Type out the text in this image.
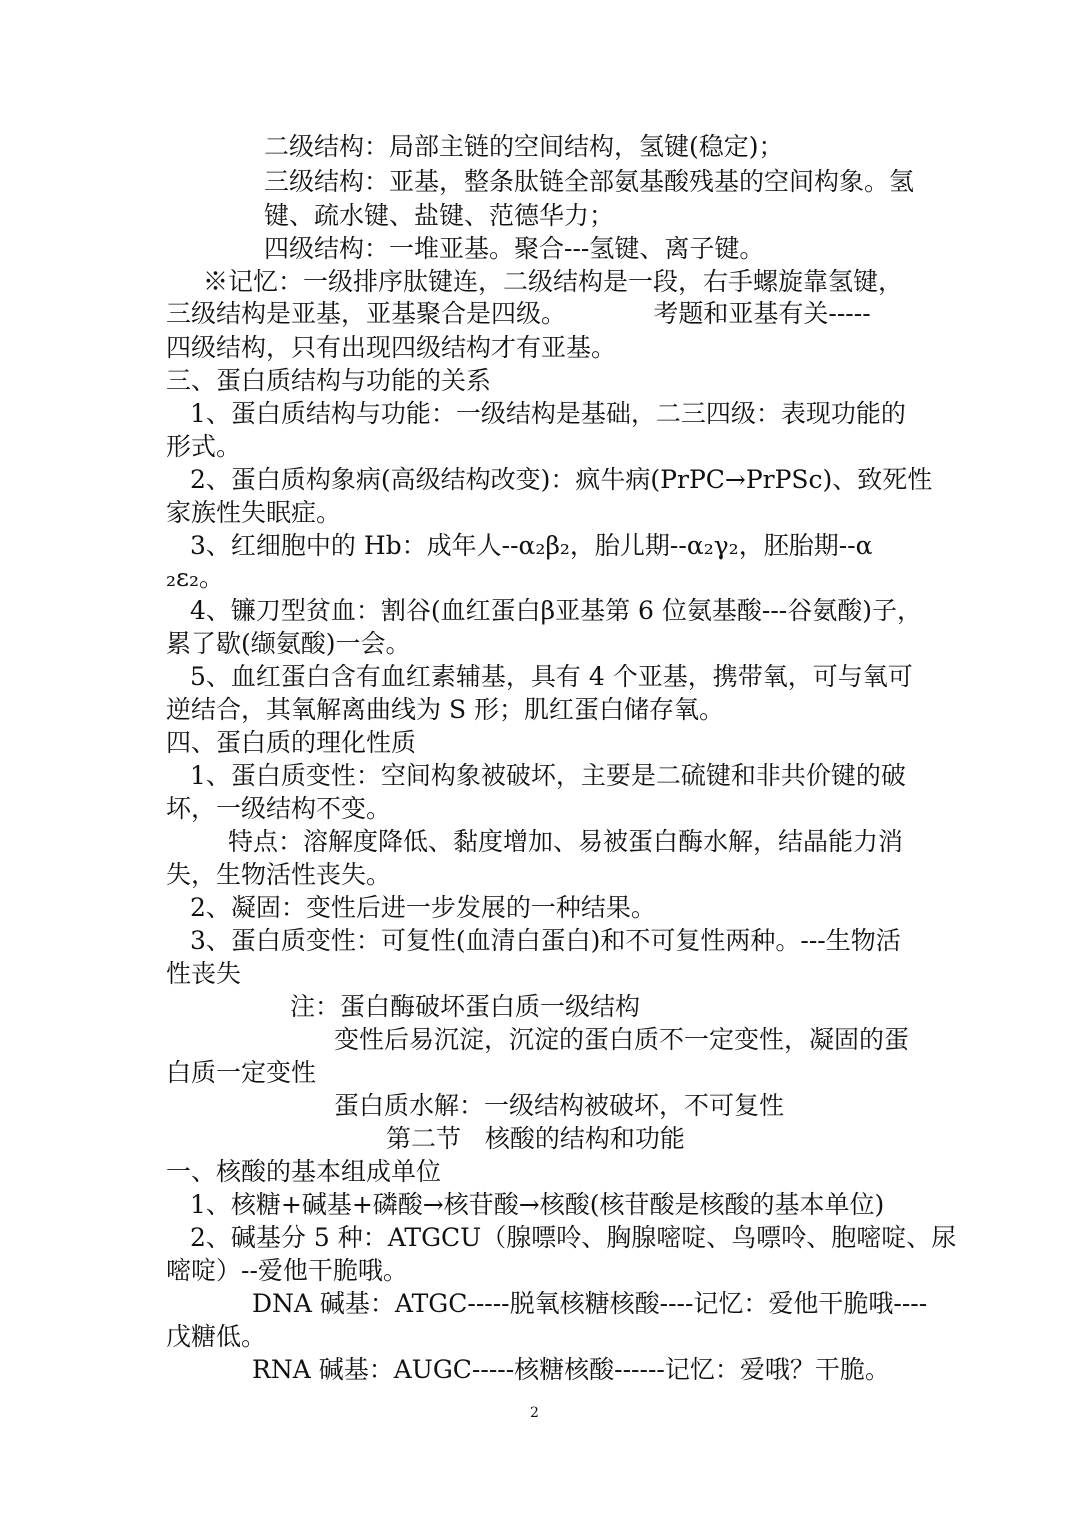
二级结构：局部主链的空间结构，氢键(稳定)；
三级结构：亚基，整条肽链全部氨基酸残基的空间构象。氢
键、疏水键、盐键、范德华力；
四级结构：一堆亚基。聚合---氢键、离子键。
※记忆：一级排序肽键连，二级结构是一段，右手螺旋靠氢键，
三级结构是亚基，亚基聚合是四级。           考题和亚基有关-----
四级结构，只有出现四级结构才有亚基。
三、蛋白质结构与功能的关系
1、蛋白质结构与功能：一级结构是基础，二三四级：表现功能的
形式。
2、蛋白质构象病(高级结构改变)：疯牛病(PrPC→PrPSc)、致死性
家族性失眠症。
3、红细胞中的 Hb：成年人--α₂β₂，胎儿期--α₂γ₂，胚胎期--α
₂ε₂。
4、镰刀型贫血：割谷(血红蛋白β亚基第 6 位氨基酸---谷氨酸)子，
累了歇(缬氨酸)一会。
5、血红蛋白含有血红素辅基，具有 4 个亚基，携带氧，可与氧可
逆结合，其氧解离曲线为 S 形；肌红蛋白储存氧。
四、蛋白质的理化性质
1、蛋白质变性：空间构象被破坏，主要是二硫键和非共价键的破
坏，一级结构不变。
特点：溶解度降低、黏度增加、易被蛋白酶水解，结晶能力消
失，生物活性丧失。
2、凝固：变性后进一步发展的一种结果。
3、蛋白质变性：可复性(血清白蛋白)和不可复性两种。---生物活
性丧失
注：蛋白酶破坏蛋白质一级结构
变性后易沉淀，沉淀的蛋白质不一定变性，凝固的蛋
白质一定变性
蛋白质水解：一级结构被破坏，不可复性
第二节   核酸的结构和功能
一、核酸的基本组成单位
1、核糖+碱基+磷酸→核苷酸→核酸(核苷酸是核酸的基本单位)
2、碱基分 5 种：ATGCU（腺嘌呤、胸腺嘧啶、鸟嘌呤、胞嘧啶、尿
嘧啶）--爱他干脆哦。
DNA 碱基：ATGC-----脱氧核糖核酸----记忆：爱他干脆哦----
戊糖低。
RNA 碱基：AUGC-----核糖核酸------记忆：爱哦？干脆。
2
